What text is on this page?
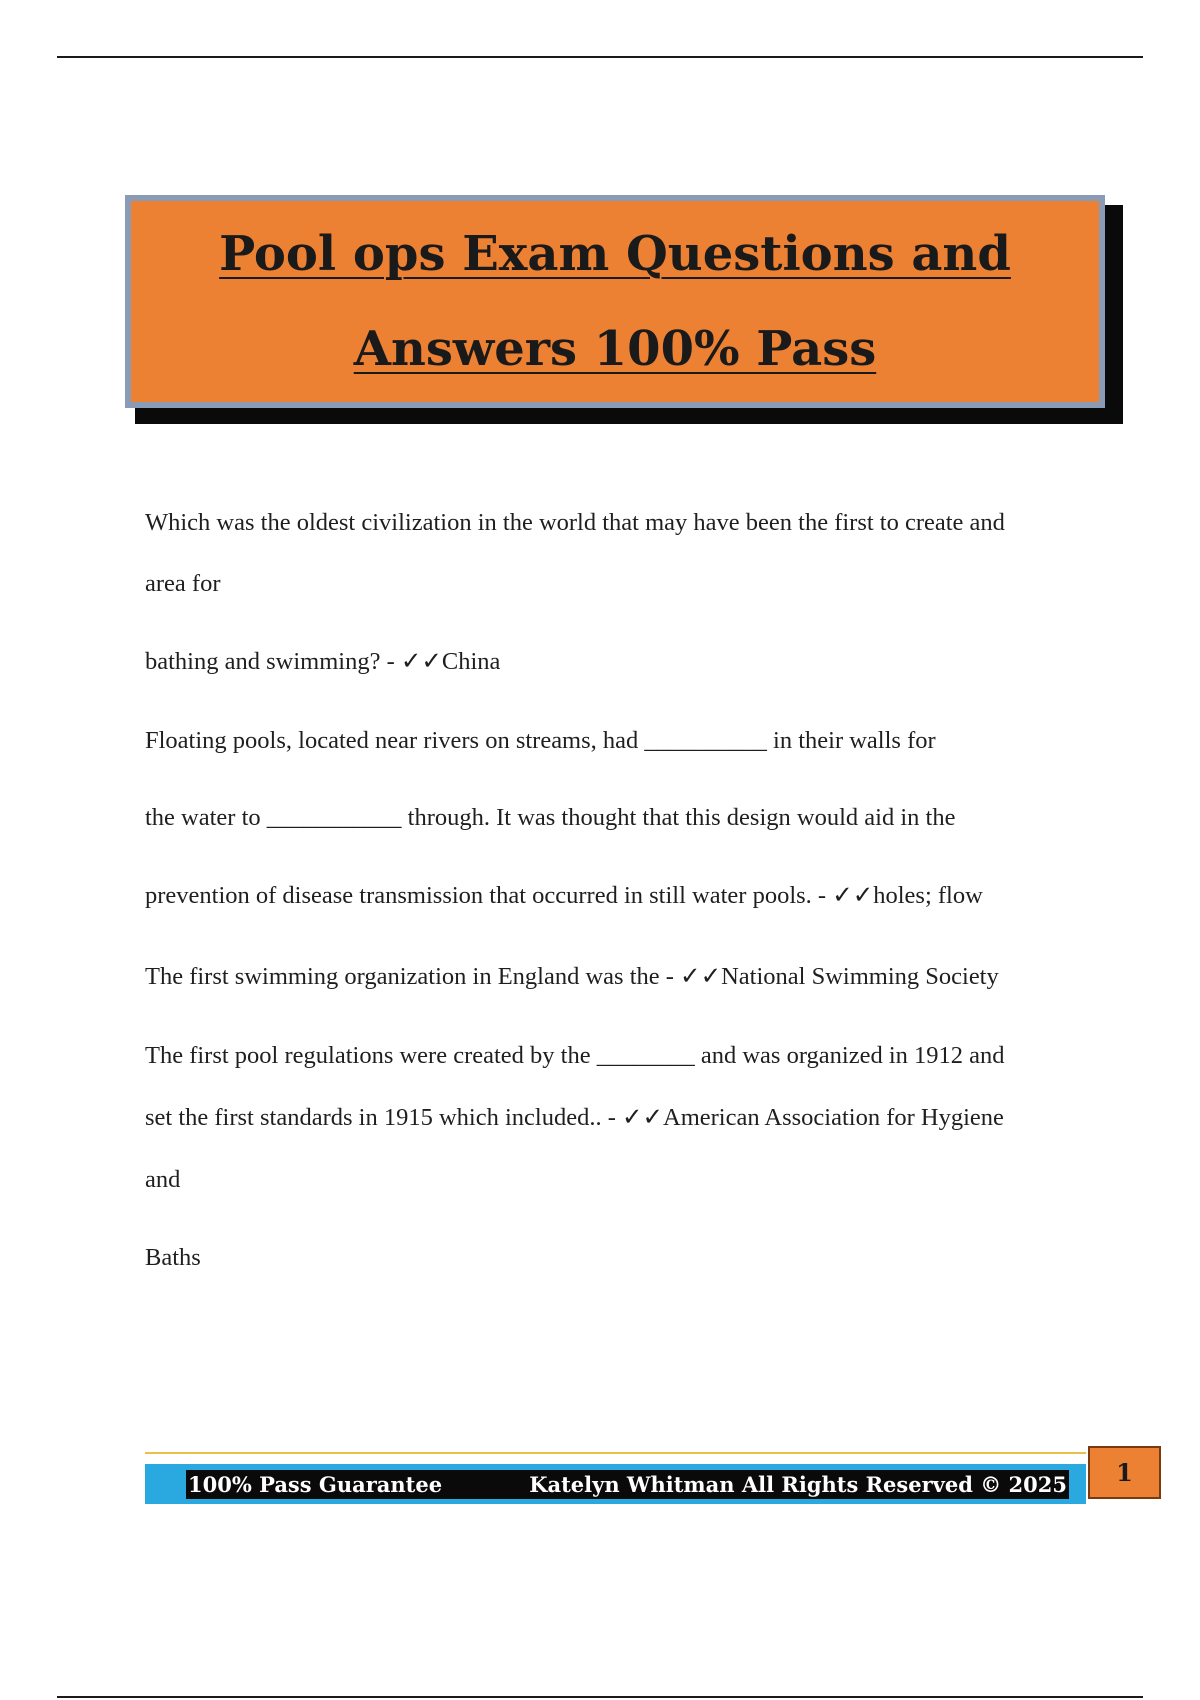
Pool ops Exam Questions and
Answers 100% Pass

Which was the oldest civilization in the world that may have been the first to create and

area for

bathing and swimming? - ✓✓China

Floating pools, located near rivers on streams, had __________ in their walls for

the water to ___________ through. It was thought that this design would aid in the

prevention of disease transmission that occurred in still water pools. - ✓✓holes; flow

The first swimming organization in England was the - ✓✓National Swimming Society

The first pool regulations were created by the ________ and was organized in 1912 and

set the first standards in 1915 which included.. - ✓✓American Association for Hygiene

and

Baths

100% Pass Guarantee	Katelyn Whitman All Rights Reserved © 2025	1
